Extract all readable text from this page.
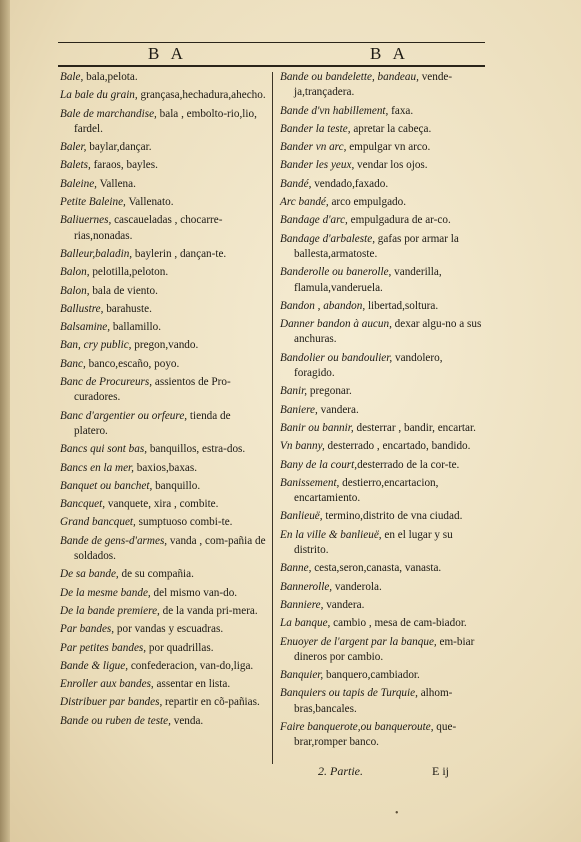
B A	B A

Bale, bala,pelota.

La bale du grain, grançasa,hechadura,ahecho.

Bale de marchandise, bala , embolto-rio,lio, fardel.

Baler, baylar,dançar.

Balets, faraos, bayles.

Baleine, Vallena.

Petite Baleine, Vallenato.

Baliuernes, cascaueladas , chocarre-rias,nonadas.

Balleur,baladin, baylerin , dançan-te.

Balon, pelotilla,peloton.

Balon, bala de viento.

Ballustre, barahuste.

Balsamine, ballamillo.

Ban, cry public, pregon,vando.

Banc, banco,escaño, poyo.

Banc de Procureurs, assientos de Pro-curadores.

Banc d'argentier ou orfeure, tienda de platero.

Bancs qui sont bas, banquillos, estra-dos.

Bancs en la mer, baxios,baxas.

Banquet ou banchet, banquillo.

Bancquet, vanquete, xira , combite.

Grand bancquet, sumptuoso combi-te.

Bande de gens-d'armes, vanda , com-pañia de soldados.

De sa bande, de su compañia.

De la mesme bande, del mismo van-do.

De la bande premiere, de la vanda pri-mera.

Par bandes, por vandas y escuadras.

Par petites bandes, por quadrillas.

Bande & ligue, confederacion, van-do,liga.

Enroller aux bandes, assentar en lista.

Distribuer par bandes, repartir en cõ-pañias.

Bande ou ruben de teste, venda.

Bande ou bandelette, bandeau, vende-ja,trançadera.

Bande d'vn habillement, faxa.

Bander la teste, apretar la cabeça.

Bander vn arc, empulgar vn arco.

Bander les yeux, vendar los ojos.

Bandé, vendado,faxado.

Arc bandé, arco empulgado.

Bandage d'arc, empulgadura de ar-co.

Bandage d'arbaleste, gafas por armar la ballesta,armatoste.

Banderolle ou banerolle, vanderilla, flamula,vanderuela.

Bandon , abandon, libertad,soltura.

Danner bandon à aucun, dexar algu-no a sus anchuras.

Bandolier ou bandoulier, vandolero, foragido.

Banir, pregonar.

Baniere, vandera.

Banir ou bannir, desterrar , bandir, encartar.

Vn banny, desterrado , encartado, bandido.

Bany de la court,desterrado de la cor-te.

Banissement, destierro,encartacion, encartamiento.

Banlieuë, termino,distrito de vna ciudad.

En la ville & banlieuë, en el lugar y su distrito.

Banne, cesta,seron,canasta, vanasta.

Bannerolle, vanderola.

Banniere, vandera.

La banque, cambio , mesa de cam-biador.

Enuoyer de l'argent par la banque, em-biar dineros por cambio.

Banquier, banquero,cambiador.

Banquiers ou tapis de Turquie, alhom-bras,bancales.

Faire banquerote,ou banqueroute, que-brar,romper banco.

2. Partie.	E ij
•
